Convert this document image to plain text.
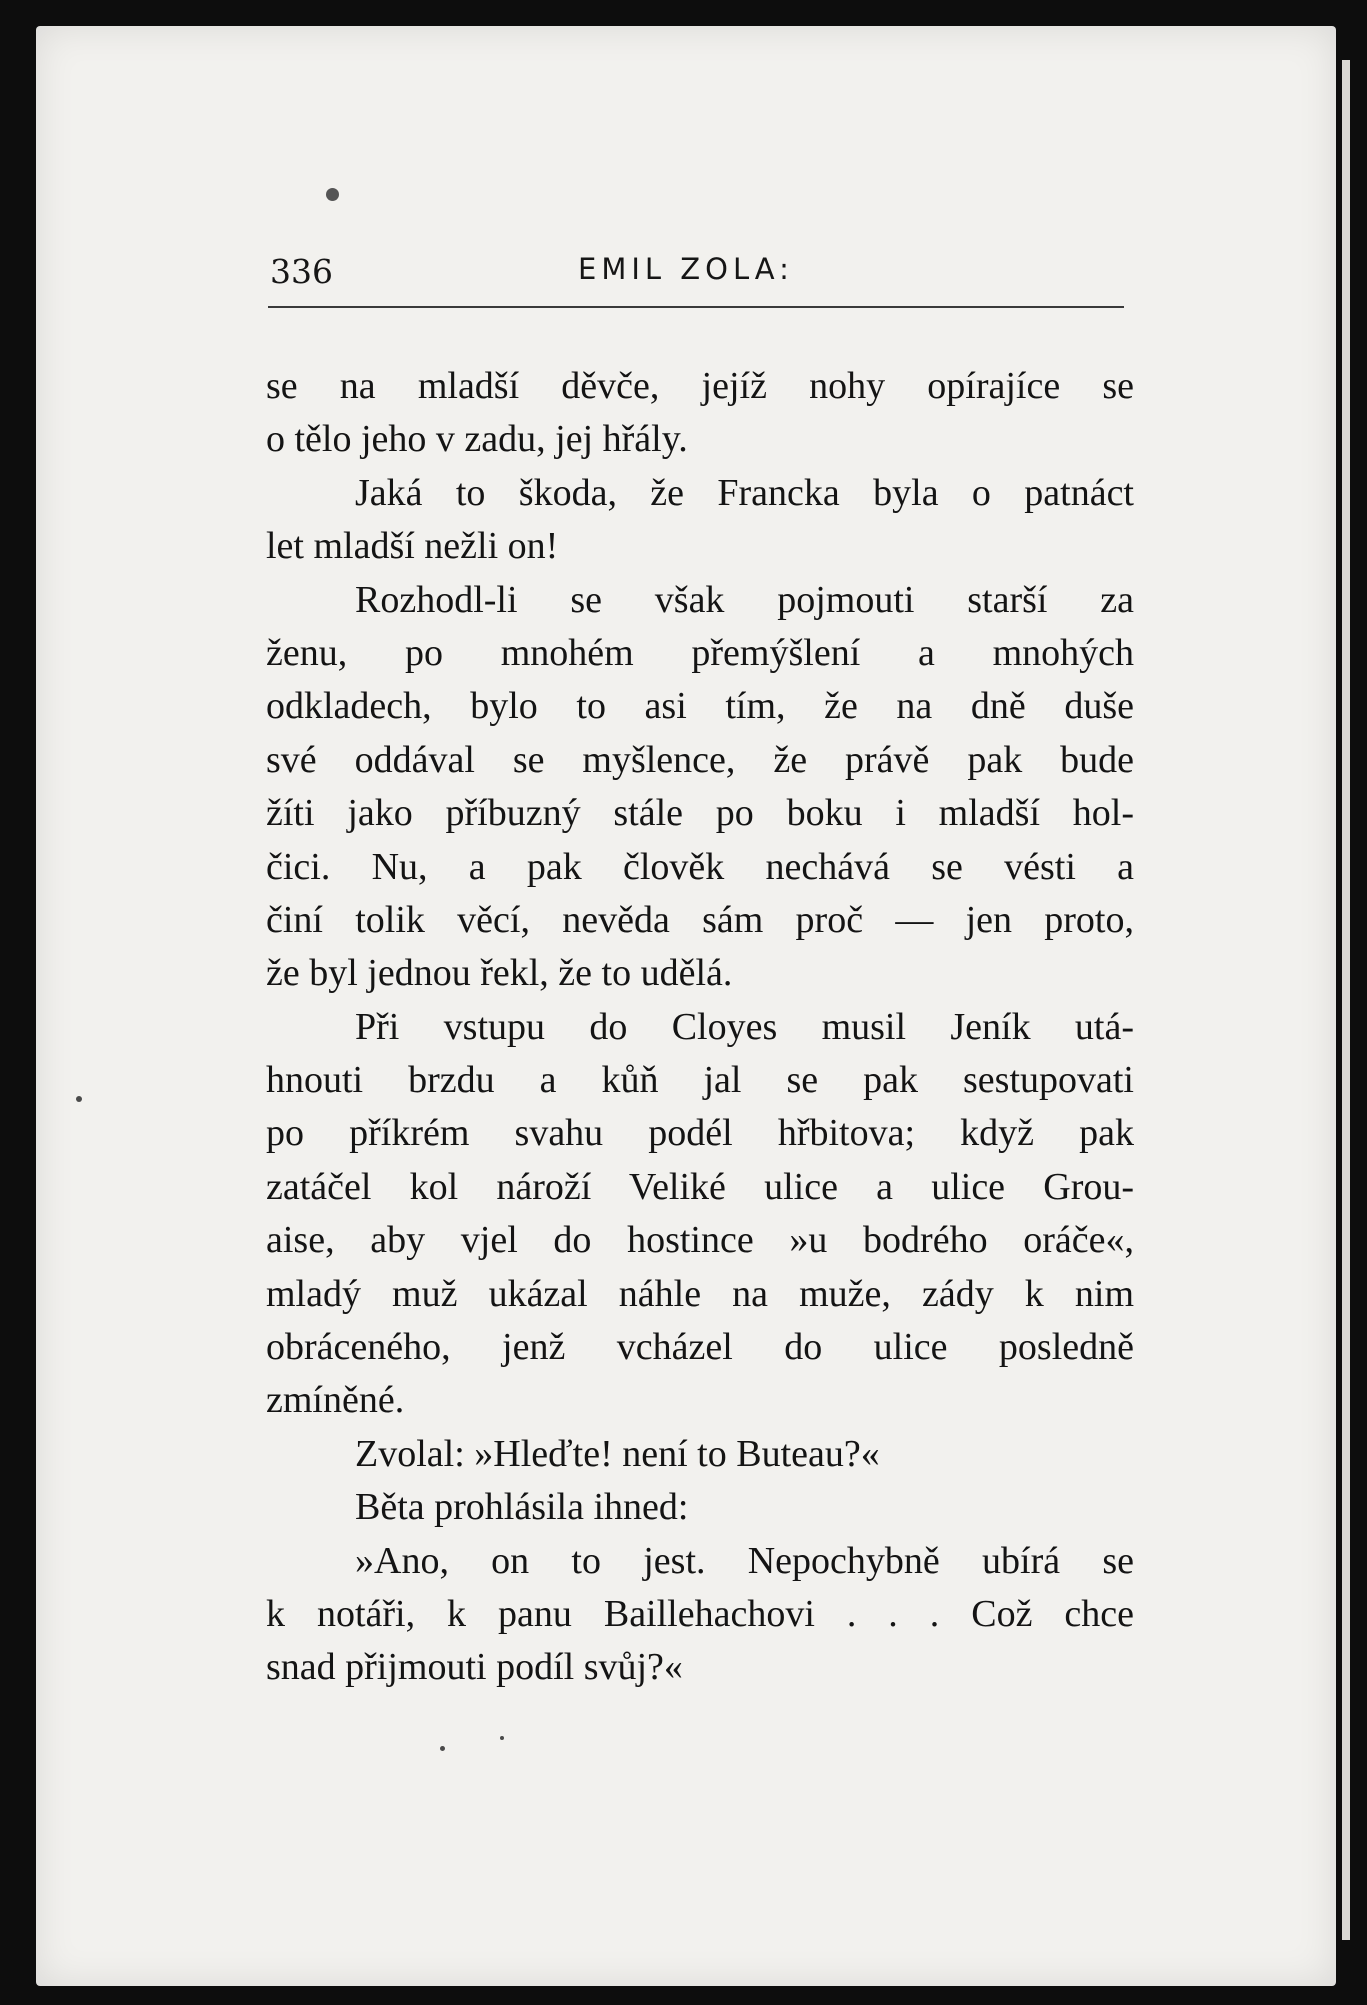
336	EMIL ZOLA:
se na mladší děvče, jejíž nohy opírajíce se
o tělo jeho v zadu, jej hřály.
Jaká to škoda, že Francka byla o patnáct
let mladší nežli on!
Rozhodl-li se však pojmouti starší za
ženu, po mnohém přemýšlení a mnohých
odkladech, bylo to asi tím, že na dně duše
své oddával se myšlence, že právě pak bude
žíti jako příbuzný stále po boku i mladší hol-
čici. Nu, a pak člověk nechává se vésti a
činí tolik věcí, nevěda sám proč — jen proto,
že byl jednou řekl, že to udělá.
Při vstupu do Cloyes musil Jeník utá-
hnouti brzdu a kůň jal se pak sestupovati
po příkrém svahu podél hřbitova; když pak
zatáčel kol nároží Veliké ulice a ulice Grou-
aise, aby vjel do hostince »u bodrého oráče«,
mladý muž ukázal náhle na muže, zády k nim
obráceného, jenž vcházel do ulice posledně
zmíněné.
Zvolal: »Hleďte! není to Buteau?«
Běta prohlásila ihned:
»Ano, on to jest. Nepochybně ubírá se
k notáři, k panu Baillehachovi . . . Což chce
snad přijmouti podíl svůj?«
